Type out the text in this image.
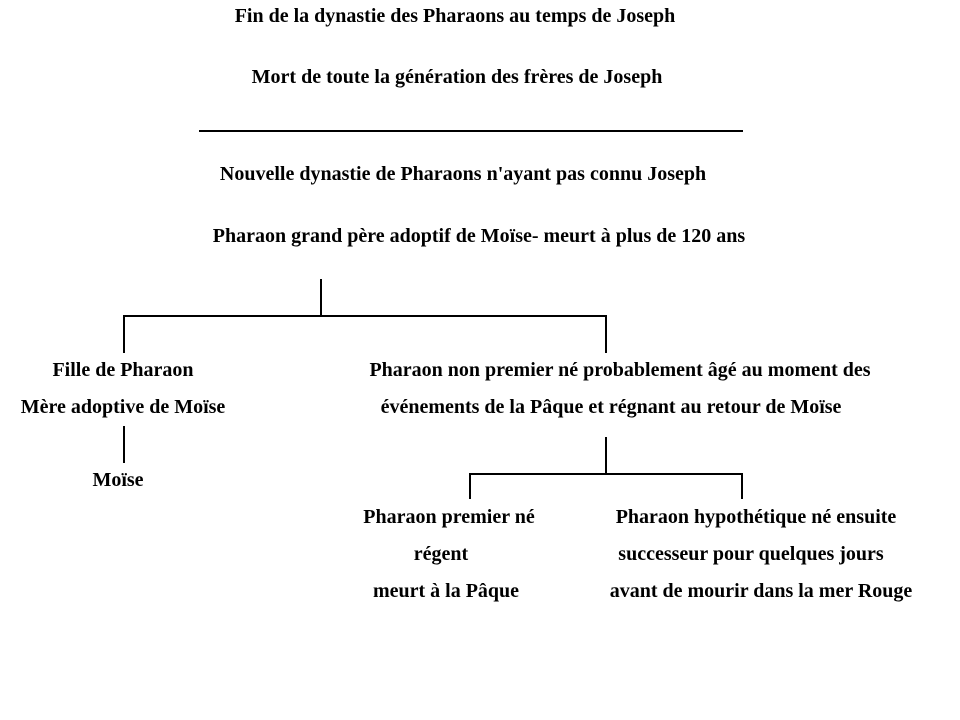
Fin de la dynastie des Pharaons au temps de Joseph
Mort de toute la génération des frères de Joseph
Nouvelle dynastie de Pharaons n'ayant pas connu Joseph
Pharaon grand père adoptif de Moïse- meurt à plus de 120 ans
Fille de Pharaon
Mère adoptive de Moïse
Pharaon non premier né probablement âgé au moment des
événements de la Pâque et régnant au retour de Moïse
Moïse
Pharaon premier né
régent
meurt à la Pâque
Pharaon hypothétique né ensuite
successeur pour quelques jours
avant de mourir dans la mer Rouge
